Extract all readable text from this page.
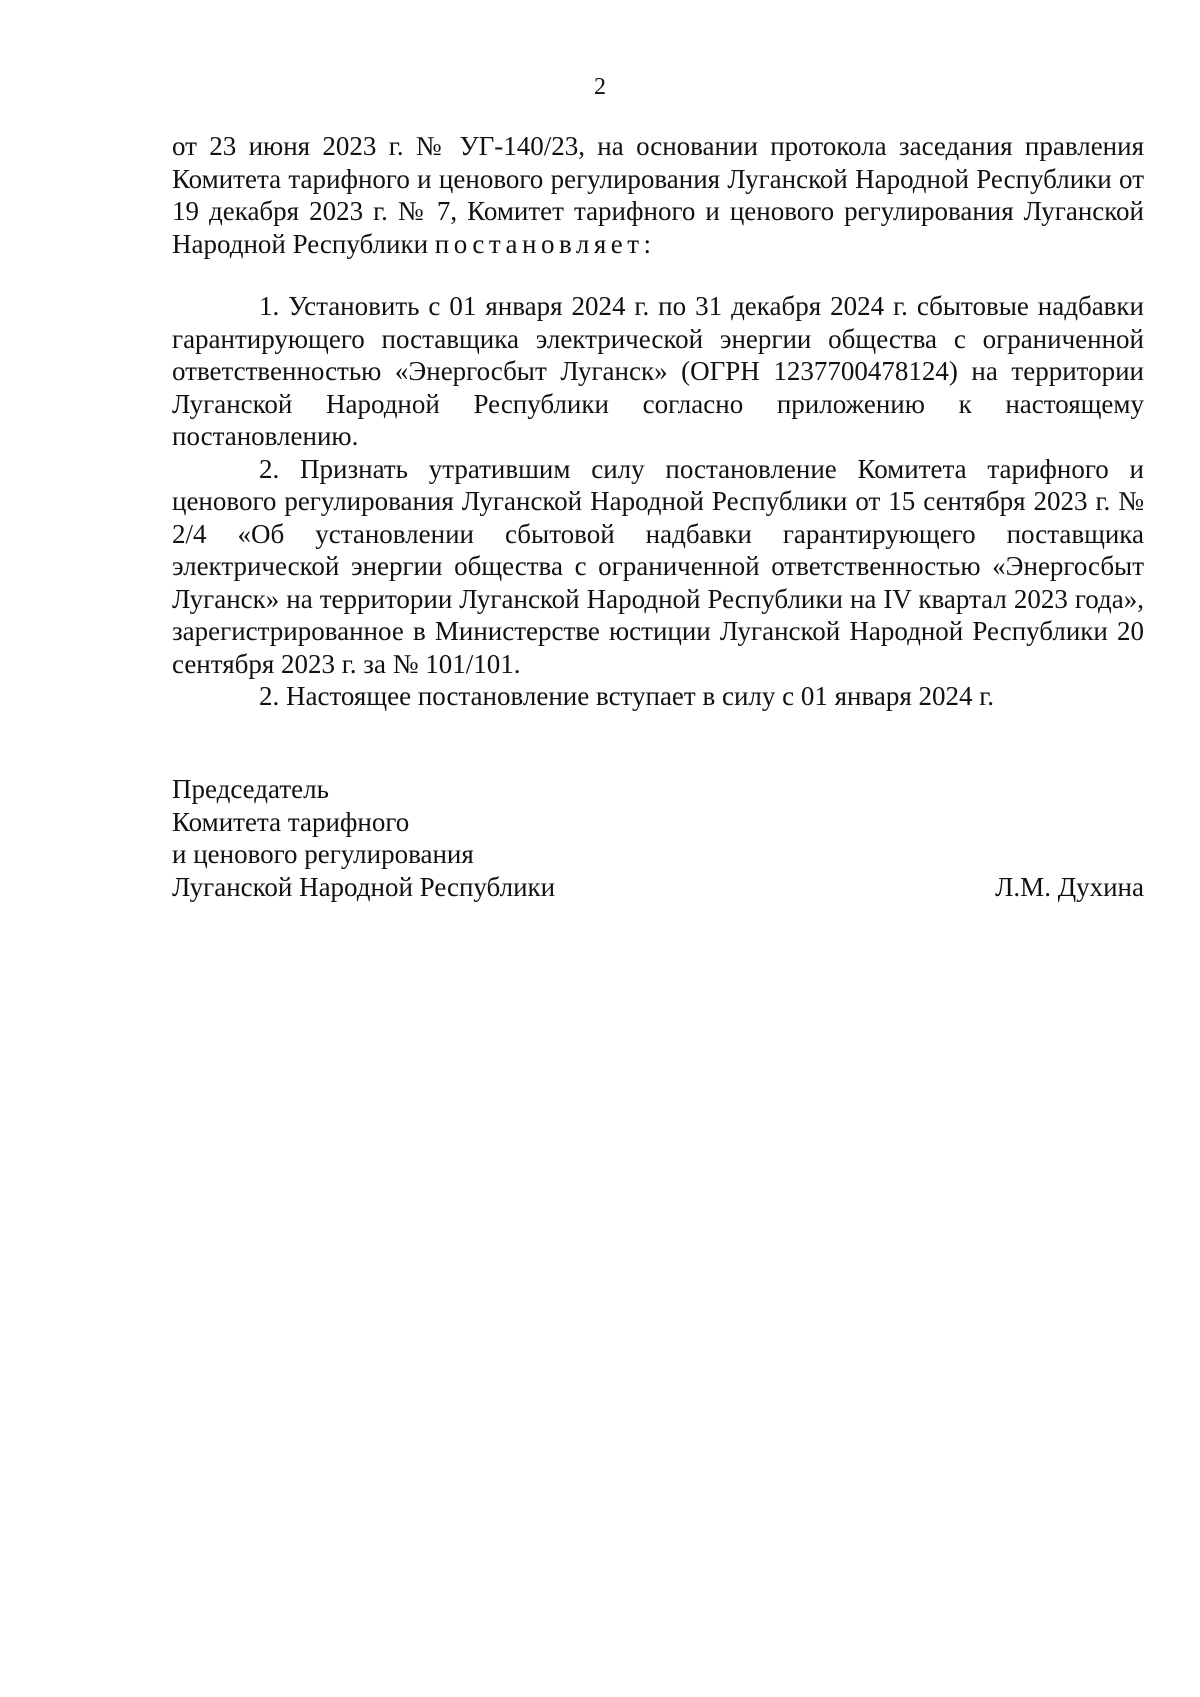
2

от 23 июня 2023 г. № УГ-140/23, на основании протокола заседания правления Комитета тарифного и ценового регулирования Луганской Народной Республики от 19 декабря 2023 г. № 7, Комитет тарифного и ценового регулирования Луганской Народной Республики постановляет:

1. Установить с 01 января 2024 г. по 31 декабря 2024 г. сбытовые надбавки гарантирующего поставщика электрической энергии общества с ограниченной ответственностью «Энергосбыт Луганск» (ОГРН 1237700478124) на территории Луганской Народной Республики согласно приложению к настоящему постановлению.

2. Признать утратившим силу постановление Комитета тарифного и ценового регулирования Луганской Народной Республики от 15 сентября 2023 г. № 2/4 «Об установлении сбытовой надбавки гарантирующего поставщика электрической энергии общества с ограниченной ответственностью «Энергосбыт Луганск» на территории Луганской Народной Республики на IV квартал 2023 года», зарегистрированное в Министерстве юстиции Луганской Народной Республики 20 сентября 2023 г. за № 101/101.

2. Настоящее постановление вступает в силу с 01 января 2024 г.

Председатель
Комитета тарифного
и ценового регулирования
Луганской Народной Республики	Л.М. Духина
